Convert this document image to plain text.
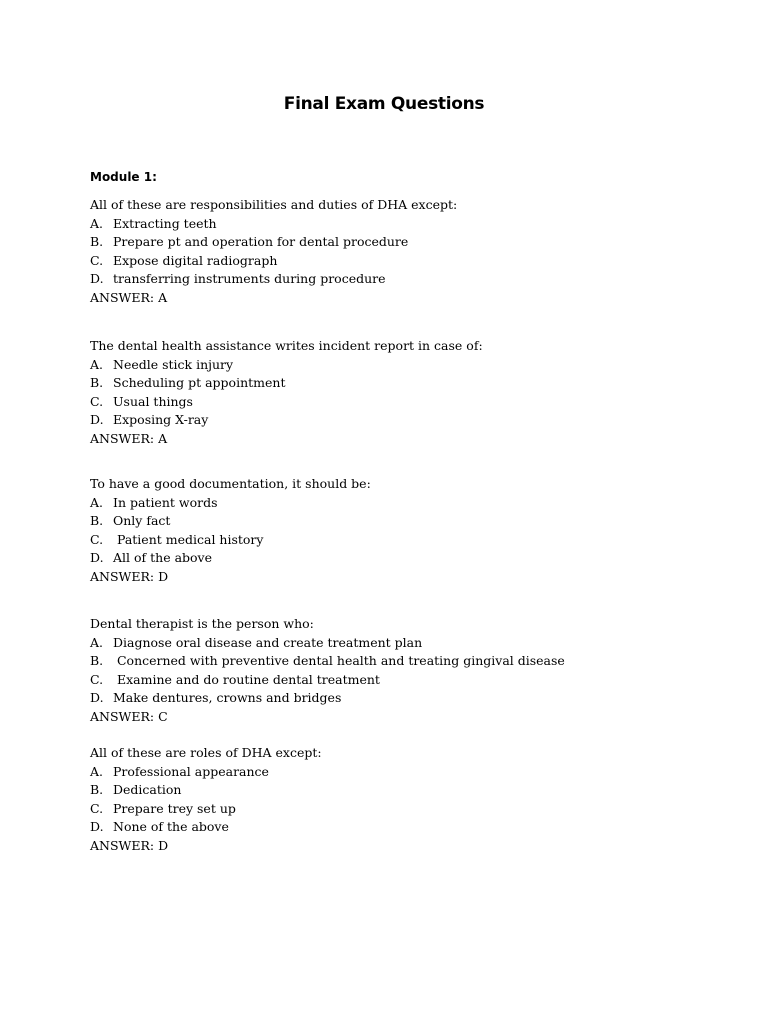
Final Exam Questions
Module 1:
All of these are responsibilities and duties of DHA except:
A. Extracting teeth
B. Prepare pt and operation for dental procedure
C. Expose digital radiograph
D. transferring instruments during procedure
ANSWER: A
The dental health assistance writes incident report in case of:
A. Needle stick injury
B. Scheduling pt appointment
C. Usual things
D. Exposing X-ray
ANSWER: A
To have a good documentation, it should be:
A. In patient words
B. Only fact
C. Patient medical history
D. All of the above
ANSWER: D
Dental therapist is the person who:
A. Diagnose oral disease and create treatment plan
B. Concerned with preventive dental health and treating gingival disease
C. Examine and do routine dental treatment
D. Make dentures, crowns and bridges
ANSWER: C
All of these are roles of DHA except:
A. Professional appearance
B. Dedication
C. Prepare trey set up
D. None of the above
ANSWER: D
